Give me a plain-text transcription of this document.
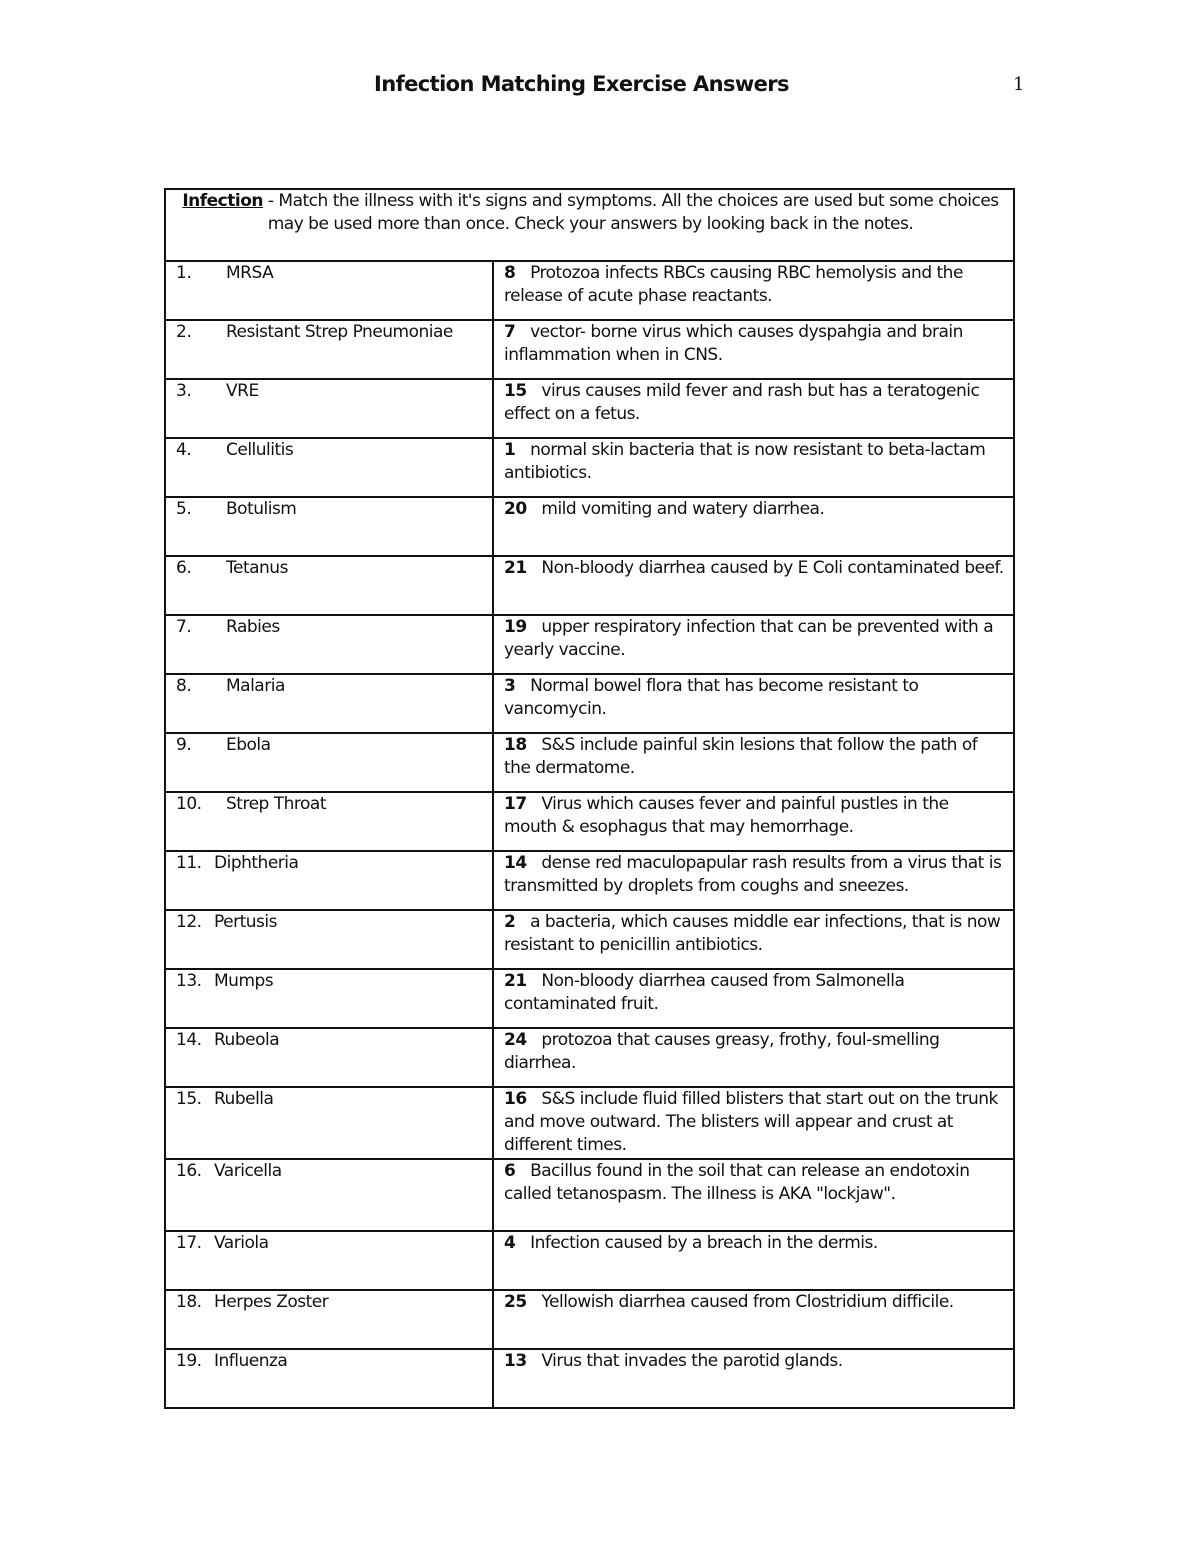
Infection Matching Exercise Answers	1
Infection - Match the illness with it's signs and symptoms. All the choices are used but some choices may be used more than once. Check your answers by looking back in the notes.	
1. MRSA	8 Protozoa infects RBCs causing RBC hemolysis and the release of acute phase reactants.
2. Resistant Strep Pneumoniae	7 vector- borne virus which causes dyspahgia and brain inflammation when in CNS.
3. VRE	15 virus causes mild fever and rash but has a teratogenic effect on a fetus.
4. Cellulitis	1 normal skin bacteria that is now resistant to beta-lactam antibiotics.
5. Botulism	20 mild vomiting and watery diarrhea.
6. Tetanus	21 Non-bloody diarrhea caused by E Coli contaminated beef.
7. Rabies	19 upper respiratory infection that can be prevented with a yearly vaccine.
8. Malaria	3 Normal bowel flora that has become resistant to vancomycin.
9. Ebola	18 S&S include painful skin lesions that follow the path of the dermatome.
10. Strep Throat	17 Virus which causes fever and painful pustles in the mouth & esophagus that may hemorrhage.
11. Diphtheria	14 dense red maculopapular rash results from a virus that is transmitted by droplets from coughs and sneezes.
12. Pertusis	2 a bacteria, which causes middle ear infections, that is now resistant to penicillin antibiotics.
13. Mumps	21 Non-bloody diarrhea caused from Salmonella contaminated fruit.
14. Rubeola	24 protozoa that causes greasy, frothy, foul-smelling diarrhea.
15. Rubella	16 S&S include fluid filled blisters that start out on the trunk and move outward. The blisters will appear and crust at different times.
16. Varicella	6 Bacillus found in the soil that can release an endotoxin called tetanospasm. The illness is AKA "lockjaw".
17. Variola	4 Infection caused by a breach in the dermis.
18. Herpes Zoster	25 Yellowish diarrhea caused from Clostridium difficile.
19. Influenza	13 Virus that invades the parotid glands.
